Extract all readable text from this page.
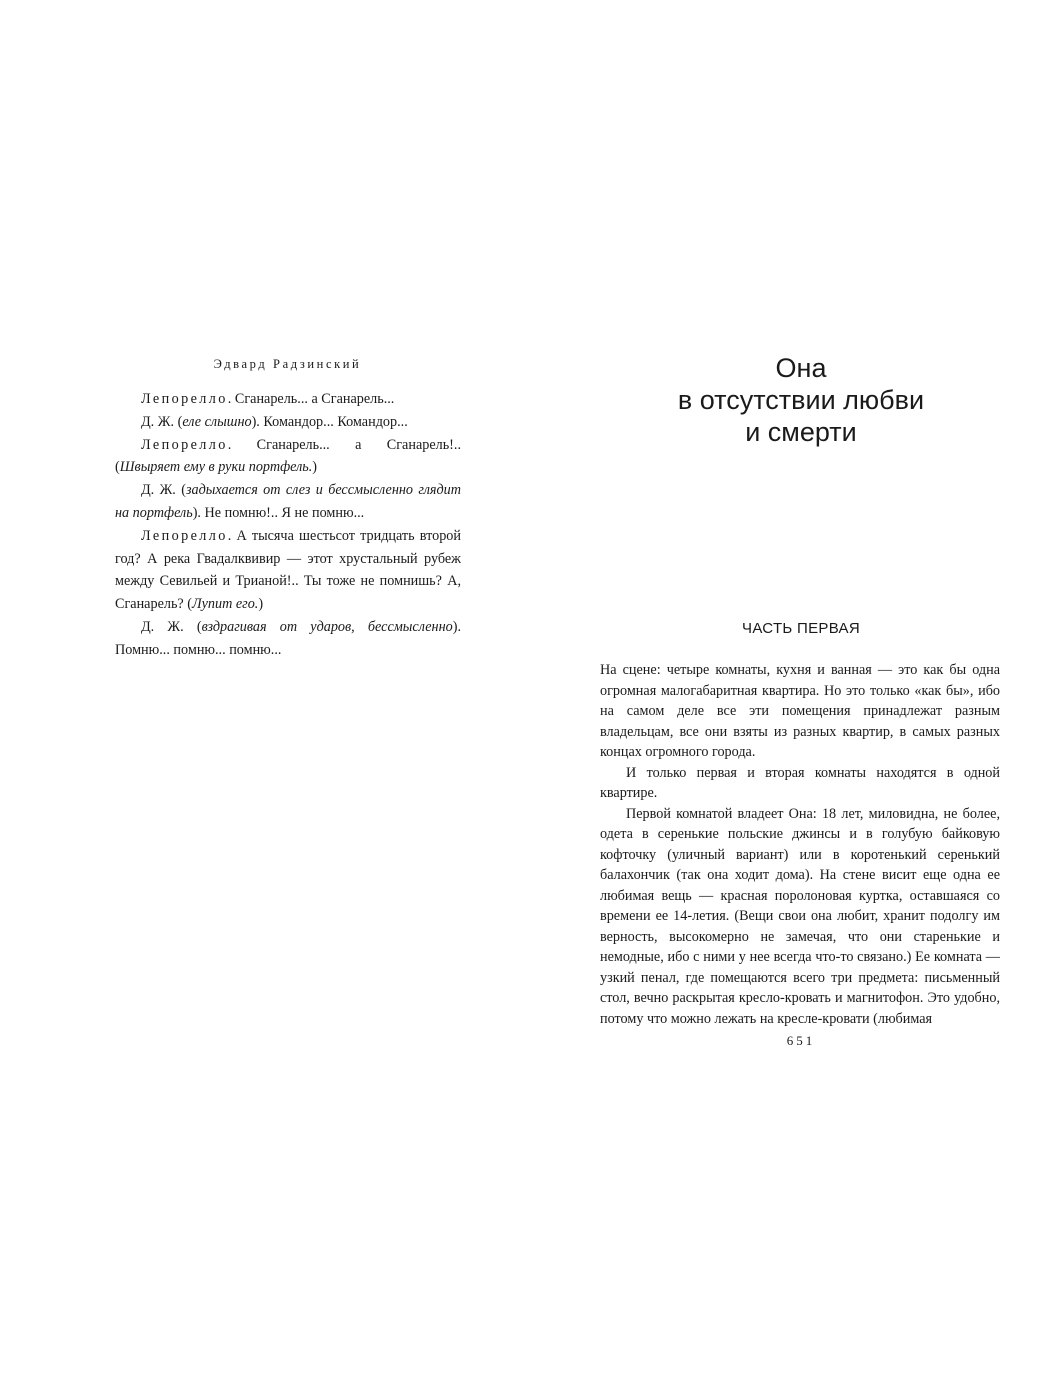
Эдвард Радзинский

Лепорелло. Сганарель... а Сганарель...

Д. Ж. (еле слышно). Командор... Командор...

Лепорелло. Сганарель... а Сганарель!.. (Швыряет ему в руки портфель.)

Д. Ж. (задыхается от слез и бессмысленно глядит на портфель). Не помню!.. Я не помню...

Лепорелло. А тысяча шестьсот тридцать второй год? А река Гвадалквивир — этот хрустальный рубеж между Севильей и Трианой!.. Ты тоже не помнишь? А, Сганарель? (Лупит его.)

Д. Ж. (вздрагивая от ударов, бессмысленно). Помню... помню... помню...

Она
в отсутствии любви
и смерти
ЧАСТЬ ПЕРВАЯ

На сцене: четыре комнаты, кухня и ванная — это как бы одна огромная малогабаритная квартира. Но это только «как бы», ибо на самом деле все эти помещения принадлежат разным владельцам, все они взяты из разных квартир, в самых разных концах огромного города.

И только первая и вторая комнаты находятся в одной квартире.

Первой комнатой владеет Она: 18 лет, миловидна, не более, одета в серенькие польские джинсы и в голубую байковую кофточку (уличный вариант) или в коротенький серенький балахончик (так она ходит дома). На стене висит еще одна ее любимая вещь — красная поролоновая куртка, оставшаяся со времени ее 14-летия. (Вещи свои она любит, хранит подолгу им верность, высокомерно не замечая, что они старенькие и немодные, ибо с ними у нее всегда что-то связано.) Ее комната — узкий пенал, где помещаются всего три предмета: письменный стол, вечно раскрытая кресло-кровать и магнитофон. Это удобно, потому что можно лежать на кресле-кровати (любимая

651
